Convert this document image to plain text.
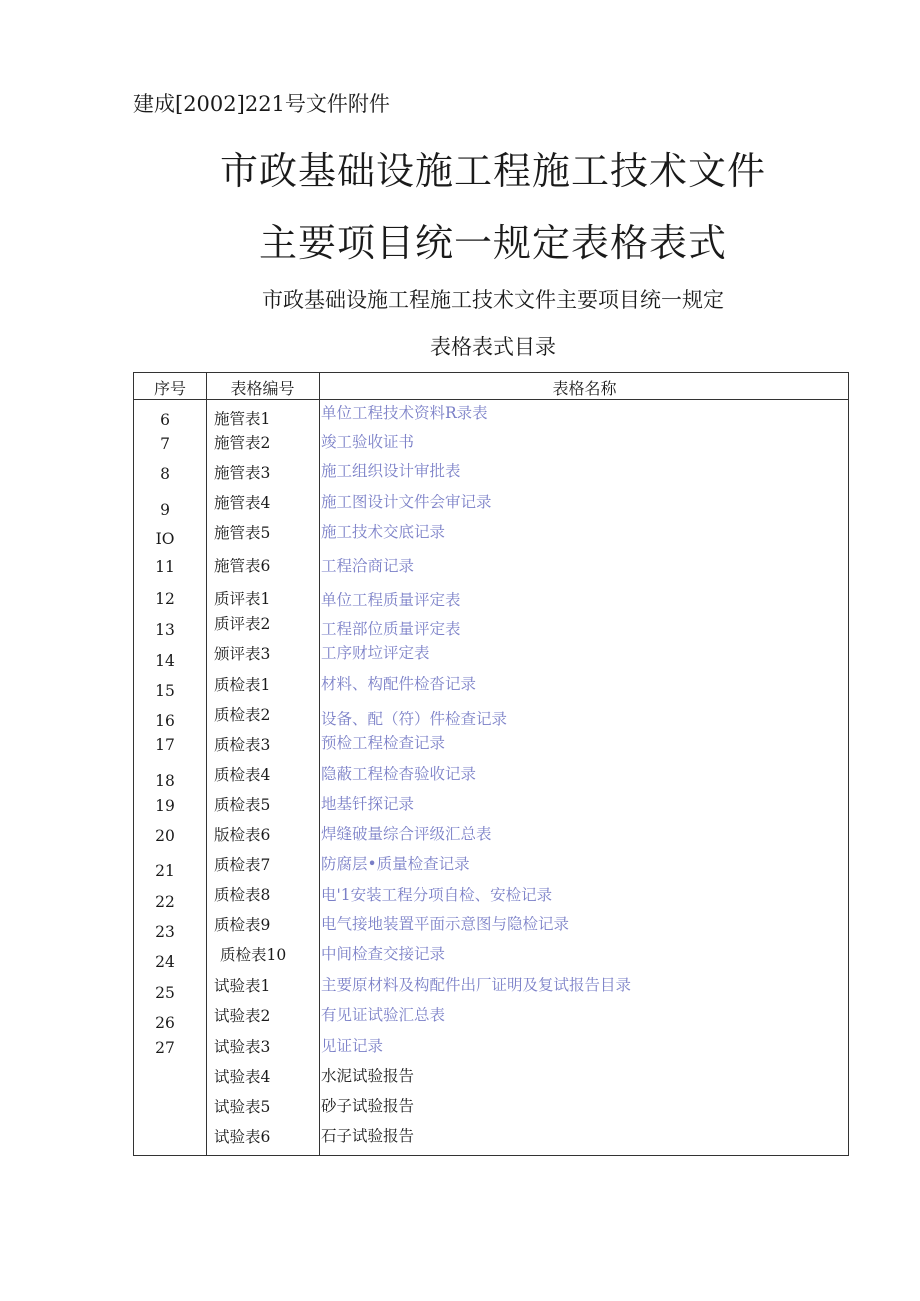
建成[2002]221号文件附件
市政基础设施工程施工技术文件
主要项目统一规定表格表式
市政基础设施工程施工技术文件主要项目统一规定
表格表式目录
序号	表格编号	表格名称
6
7
8
9
IO
11
12
13
14
15
16
17
18
19
20
21
22
23
24
25
26
27
施管表1
施管表2
施管表3
施管表4
施管表5
施管表6
质评表1
质评表2
颁评表3
质检表1
质检表2
质检表3
质检表4
质检表5
版检表6
质检表7
质检表8
质检表9
质检表10
试验表1
试验表2
试验表3
试验表4
试验表5
试验表6
单位工程技术资料R录表
竣工验收证书
施工组织设计审批表
施工图设计文件会审记录
施工技术交底记录
工程洽商记录
单位工程质量评定表
工程部位质量评定表
工序财垃评定表
材料、构配件检沓记录
设备、配（符）件检查记录
预检工程检查记录
隐蔽工程检杳验收记录
地基钎探记录
焊缝破量综合评级汇总表
防腐层•质量检查记录
电'1安装工程分项自检、安检记录
电气接地装置平面示意图与隐检记录
中间检查交接记录
主要原材料及构配件出厂证明及复试报告目录
有见证试验汇总表
见证记录
水泥试验报告
砂子试验报告
石子试验报告
